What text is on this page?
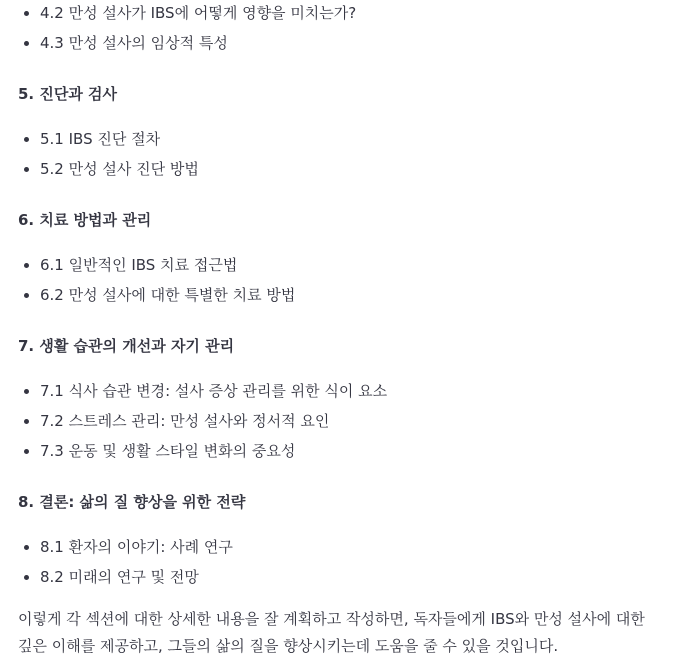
4.2 만성 설사가 IBS에 어떻게 영향을 미치는가?
4.3 만성 설사의 임상적 특성
5. 진단과 검사
5.1 IBS 진단 절차
5.2 만성 설사 진단 방법
6. 치료 방법과 관리
6.1 일반적인 IBS 치료 접근법
6.2 만성 설사에 대한 특별한 치료 방법
7. 생활 습관의 개선과 자기 관리
7.1 식사 습관 변경: 설사 증상 관리를 위한 식이 요소
7.2 스트레스 관리: 만성 설사와 정서적 요인
7.3 운동 및 생활 스타일 변화의 중요성
8. 결론: 삶의 질 향상을 위한 전략
8.1 환자의 이야기: 사례 연구
8.2 미래의 연구 및 전망

이렇게 각 섹션에 대한 상세한 내용을 잘 계획하고 작성하면, 독자들에게 IBS와 만성 설사에 대한 깊은 이해를 제공하고, 그들의 삶의 질을 향상시키는데 도움을 줄 수 있을 것입니다.
